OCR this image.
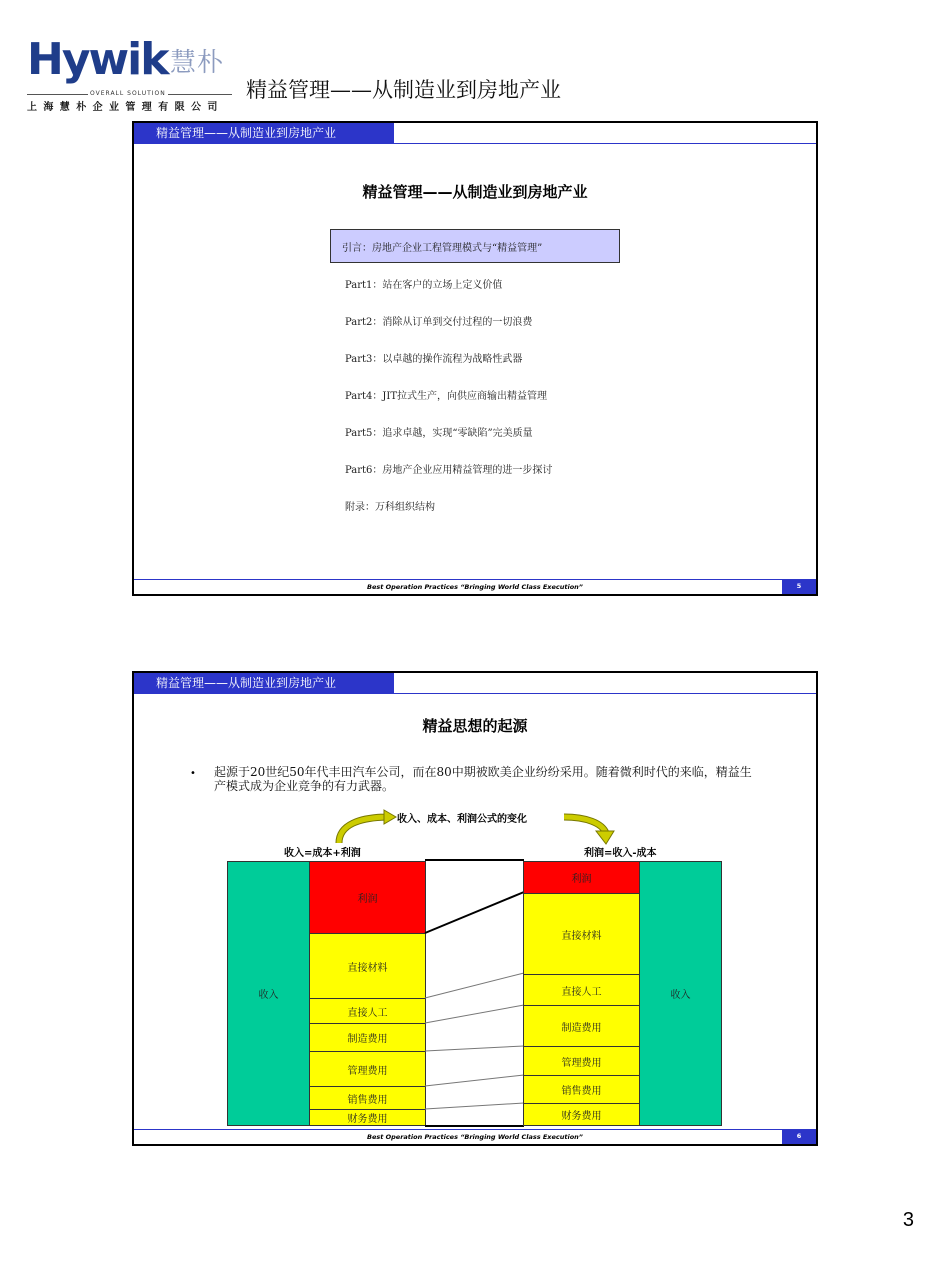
Hywik 慧朴
OVERALL SOLUTION
上海慧朴企业管理有限公司
精益管理——从制造业到房地产业
精益管理——从制造业到房地产业
精益管理——从制造业到房地产业
引言：房地产企业工程管理模式与“精益管理”
Part1：站在客户的立场上定义价值
Part2：消除从订单到交付过程的一切浪费
Part3：以卓越的操作流程为战略性武器
Part4：JIT拉式生产，向供应商输出精益管理
Part5：追求卓越，实现“零缺陷”完美质量
Part6：房地产企业应用精益管理的进一步探讨
附录：万科组织结构
Best Operation Practices “Bringing World Class Execution”	5
精益管理——从制造业到房地产业
精益思想的起源
• 起源于20世纪50年代丰田汽车公司，而在80中期被欧美企业纷纷采用。随着微利时代的来临，精益生产模式成为企业竞争的有力武器。
收入、成本、利润公式的变化
收入=成本+利润	利润=收入-成本
收入
利润
直接材料
直接人工
制造费用
管理费用
销售费用
财务费用
利润
直接材料
直接人工
制造费用
管理费用
销售费用
财务费用
收入
Best Operation Practices “Bringing World Class Execution”	6
3
